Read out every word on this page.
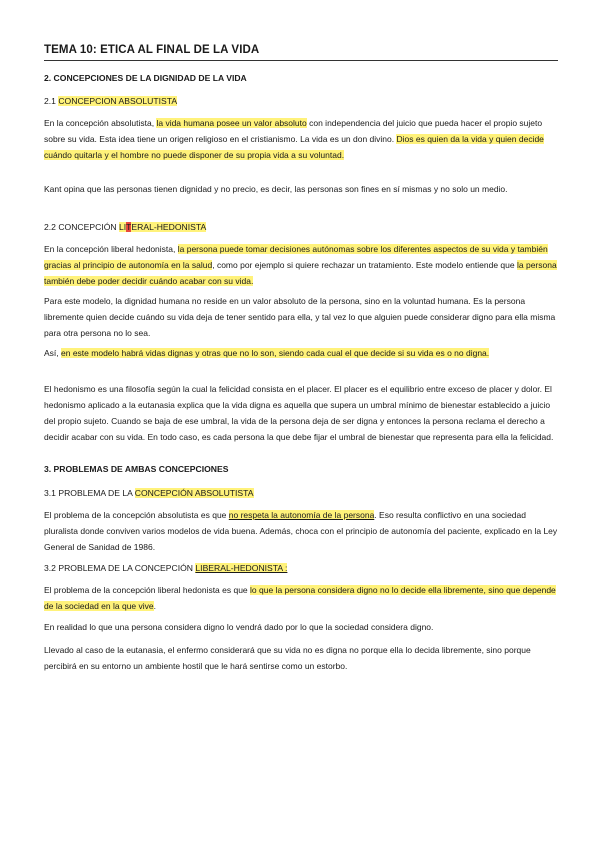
TEMA 10: ETICA AL FINAL DE LA VIDA
2. CONCEPCIONES DE LA DIGNIDAD DE LA VIDA
2.1 CONCEPCION ABSOLUTISTA
En la concepción absolutista, la vida humana posee un valor absoluto con independencia del juicio que pueda hacer el propio sujeto sobre su vida. Esta idea tiene un origen religioso en el cristianismo. La vida es un don divino. Dios es quien da la vida y quien decide cuándo quitarla y el hombre no puede disponer de su propia vida a su voluntad.
Kant opina que las personas tienen dignidad y no precio, es decir, las personas son fines en sí mismas y no solo un medio.
2.2 CONCEPCIÓN LITERAL-HEDONISTA
En la concepción liberal hedonista, la persona puede tomar decisiones autónomas sobre los diferentes aspectos de su vida y también gracias al principio de autonomía en la salud, como por ejemplo si quiere rechazar un tratamiento. Este modelo entiende que la persona también debe poder decidir cuándo acabar con su vida.
Para este modelo, la dignidad humana no reside en un valor absoluto de la persona, sino en la voluntad humana. Es la persona libremente quien decide cuándo su vida deja de tener sentido para ella, y tal vez lo que alguien puede considerar digno para ella misma para otra persona no lo sea.
Así, en este modelo habrá vidas dignas y otras que no lo son, siendo cada cual el que decide si su vida es o no digna.
El hedonismo es una filosofía según la cual la felicidad consista en el placer. El placer es el equilibrio entre exceso de placer y dolor. El hedonismo aplicado a la eutanasia explica que la vida digna es aquella que supera un umbral mínimo de bienestar establecido a juicio del propio sujeto. Cuando se baja de ese umbral, la vida de la persona deja de ser digna y entonces la persona reclama el derecho a decidir acabar con su vida. En todo caso, es cada persona la que debe fijar el umbral de bienestar que representa para ella la felicidad.
3. PROBLEMAS DE AMBAS CONCEPCIONES
3.1 PROBLEMA DE LA CONCEPCIÓN ABSOLUTISTA
El problema de la concepción absolutista es que no respeta la autonomía de la persona. Eso resulta conflictivo en una sociedad pluralista donde conviven varios modelos de vida buena. Además, choca con el principio de autonomía del paciente, explicado en la Ley General de Sanidad de 1986.
3.2 PROBLEMA DE LA CONCEPCIÓN LIBERAL-HEDONISTA :
El problema de la concepción liberal hedonista es que lo que la persona considera digno no lo decide ella libremente, sino que depende de la sociedad en la que vive.
En realidad lo que una persona considera digno lo vendrá dado por lo que la sociedad considera digno.
Llevado al caso de la eutanasia, el enfermo considerará que su vida no es digna no porque ella lo decida libremente, sino porque percibirá en su entorno un ambiente hostil que le hará sentirse como un estorbo.
